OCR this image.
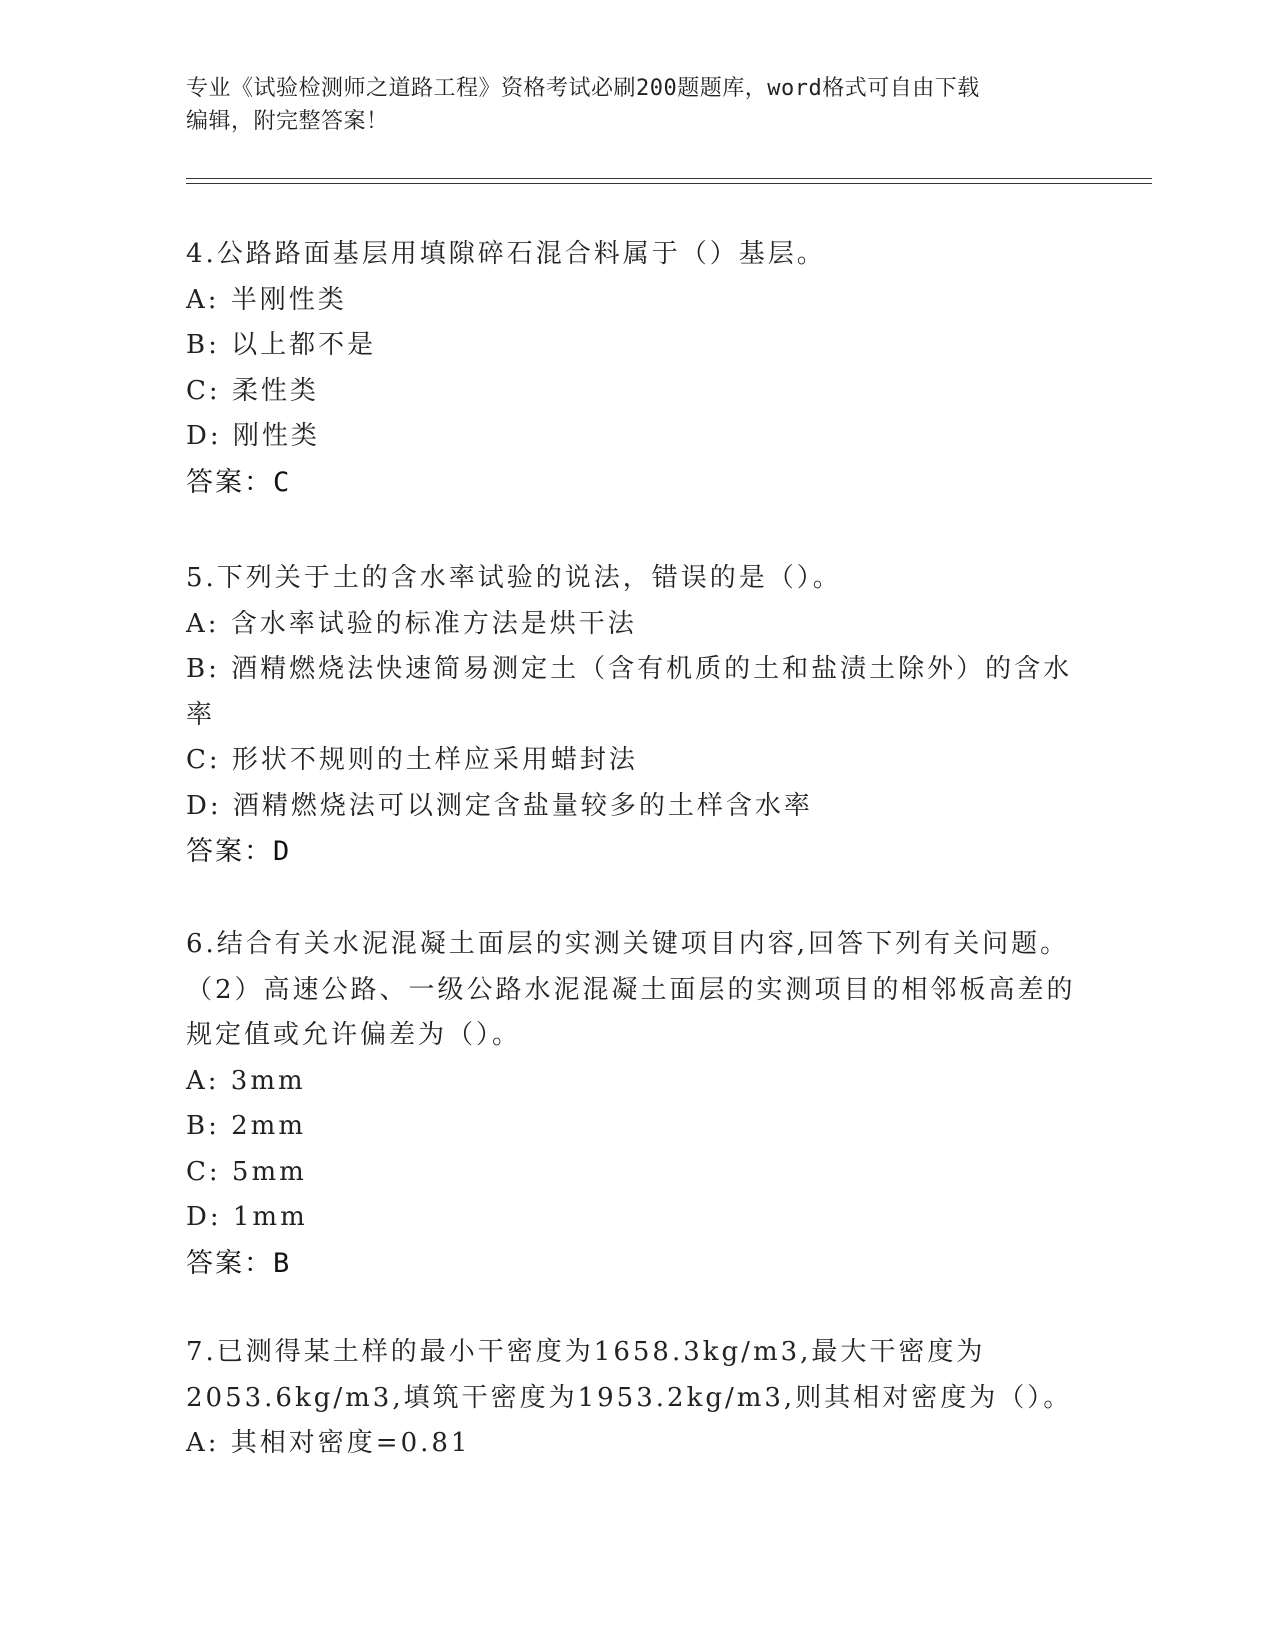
专业《试验检测师之道路工程》资格考试必刷200题题库，word格式可自由下载
编辑，附完整答案！
4.公路路面基层用填隙碎石混合料属于（）基层。
A: 半刚性类
B: 以上都不是
C: 柔性类
D: 刚性类
答案：C
5.下列关于土的含水率试验的说法，错误的是（）。
A: 含水率试验的标准方法是烘干法
B: 酒精燃烧法快速简易测定土（含有机质的土和盐渍土除外）的含水
率
C: 形状不规则的土样应采用蜡封法
D: 酒精燃烧法可以测定含盐量较多的土样含水率
答案：D
6.结合有关水泥混凝土面层的实测关键项目内容,回答下列有关问题。
（2）高速公路、一级公路水泥混凝土面层的实测项目的相邻板高差的
规定值或允许偏差为（）。
A: 3mm
B: 2mm
C: 5mm
D: 1mm
答案：B
7.已测得某土样的最小干密度为1658.3kg/m3,最大干密度为
2053.6kg/m3,填筑干密度为1953.2kg/m3,则其相对密度为（）。
A: 其相对密度=0.81
